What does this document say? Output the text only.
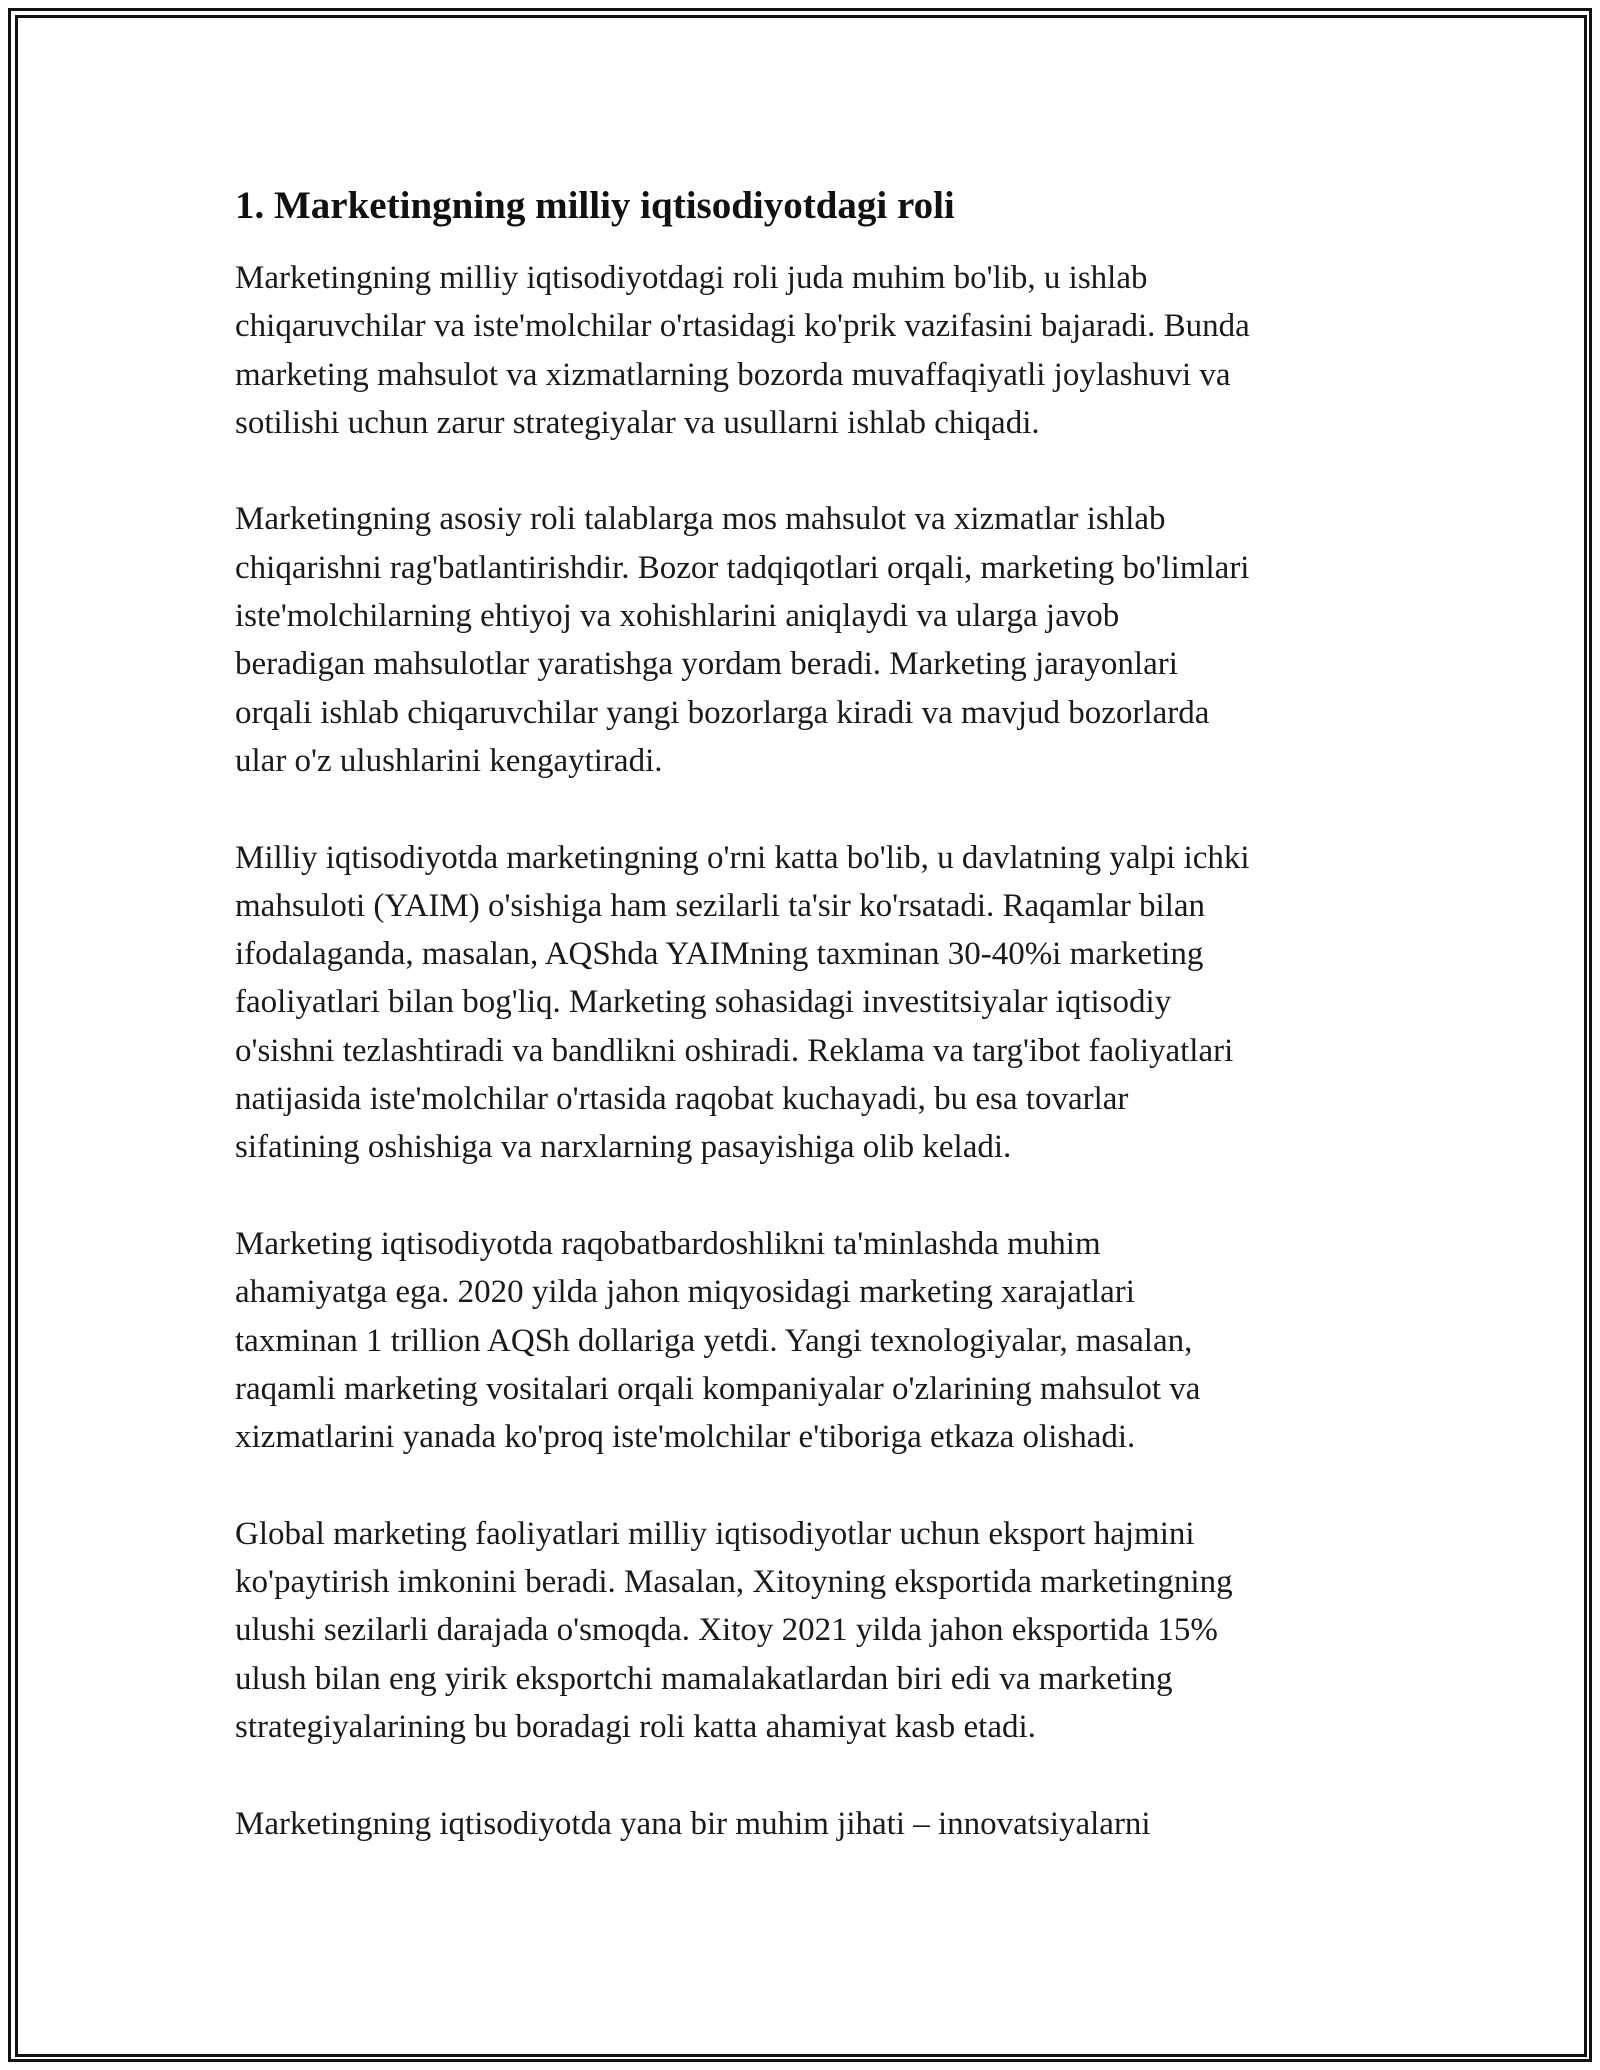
1. Marketingning milliy iqtisodiyotdagi roli

Marketingning milliy iqtisodiyotdagi roli juda muhim bo'lib, u ishlab
chiqaruvchilar va iste'molchilar o'rtasidagi ko'prik vazifasini bajaradi. Bunda
marketing mahsulot va xizmatlarning bozorda muvaffaqiyatli joylashuvi va
sotilishi uchun zarur strategiyalar va usullarni ishlab chiqadi.

Marketingning asosiy roli talablarga mos mahsulot va xizmatlar ishlab
chiqarishni rag'batlantirishdir. Bozor tadqiqotlari orqali, marketing bo'limlari
iste'molchilarning ehtiyoj va xohishlarini aniqlaydi va ularga javob
beradigan mahsulotlar yaratishga yordam beradi. Marketing jarayonlari
orqali ishlab chiqaruvchilar yangi bozorlarga kiradi va mavjud bozorlarda
ular o'z ulushlarini kengaytiradi.

Milliy iqtisodiyotda marketingning o'rni katta bo'lib, u davlatning yalpi ichki
mahsuloti (YAIM) o'sishiga ham sezilarli ta'sir ko'rsatadi. Raqamlar bilan
ifodalaganda, masalan, AQShda YAIMning taxminan 30-40%i marketing
faoliyatlari bilan bog'liq. Marketing sohasidagi investitsiyalar iqtisodiy
o'sishni tezlashtiradi va bandlikni oshiradi. Reklama va targ'ibot faoliyatlari
natijasida iste'molchilar o'rtasida raqobat kuchayadi, bu esa tovarlar
sifatining oshishiga va narxlarning pasayishiga olib keladi.

Marketing iqtisodiyotda raqobatbardoshlikni ta'minlashda muhim
ahamiyatga ega. 2020 yilda jahon miqyosidagi marketing xarajatlari
taxminan 1 trillion AQSh dollariga yetdi. Yangi texnologiyalar, masalan,
raqamli marketing vositalari orqali kompaniyalar o'zlarining mahsulot va
xizmatlarini yanada ko'proq iste'molchilar e'tiboriga etkaza olishadi.

Global marketing faoliyatlari milliy iqtisodiyotlar uchun eksport hajmini
ko'paytirish imkonini beradi. Masalan, Xitoyning eksportida marketingning
ulushi sezilarli darajada o'smoqda. Xitoy 2021 yilda jahon eksportida 15%
ulush bilan eng yirik eksportchi mamalakatlardan biri edi va marketing
strategiyalarining bu boradagi roli katta ahamiyat kasb etadi.

Marketingning iqtisodiyotda yana bir muhim jihati – innovatsiyalarni
